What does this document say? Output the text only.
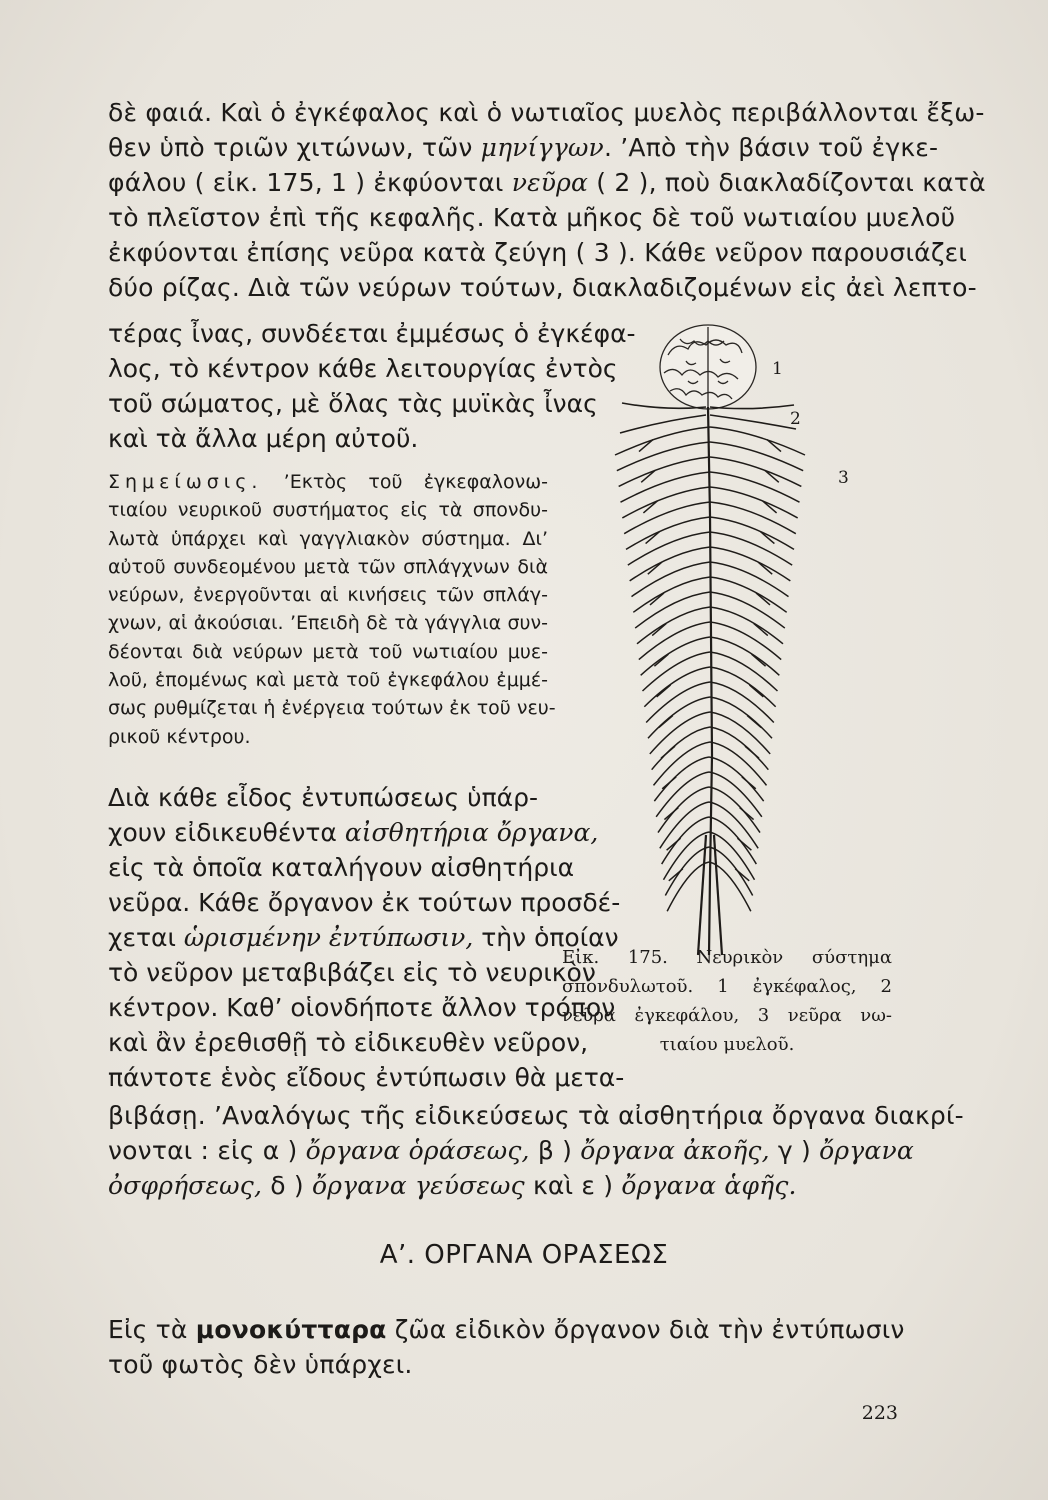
δὲ φαιά. Καὶ ὁ ἐγκέφαλος καὶ ὁ νωτιαῖος μυελὸς περιβάλλονται ἔξω-
θεν ὑπὸ τριῶν χιτώνων, τῶν μηνίγγων. ’Απὸ τὴν βάσιν τοῦ ἐγκε-
φάλου ( εἰκ. 175, 1 ) ἐκφύονται νεῦρα ( 2 ), ποὺ διακλαδίζονται κατὰ
τὸ πλεῖστον ἐπὶ τῆς κεφαλῆς. Κατὰ μῆκος δὲ τοῦ νωτιαίου μυελοῦ
ἐκφύονται ἐπίσης νεῦρα κατὰ ζεύγη ( 3 ). Κάθε νεῦρον παρουσιάζει
δύο ρίζας. Διὰ τῶν νεύρων τούτων, διακλαδιζομένων εἰς ἀεὶ λεπτο-
τέρας ἶνας, συνδέεται ἐμμέσως ὁ ἐγκέφα-
λος, τὸ κέντρον κάθε λειτουργίας ἐντὸς
τοῦ σώματος, μὲ ὅλας τὰς μυϊκὰς ἶνας
καὶ τὰ ἄλλα μέρη αὐτοῦ.
Σημείωσις. ’Εκτὸς τοῦ ἐγκεφαλονω-
τιαίου νευρικοῦ συστήματος εἰς τὰ σπονδυ-
λωτὰ ὑπάρχει καὶ γαγγλιακὸν σύστημα. Δι’
αὐτοῦ συνδεομένου μετὰ τῶν σπλάγχνων διὰ
νεύρων, ἐνεργοῦνται αἱ κινήσεις τῶν σπλάγ-
χνων, αἱ ἀκούσιαι. ’Επειδὴ δὲ τὰ γάγγλια συν-
δέονται διὰ νεύρων μετὰ τοῦ νωτιαίου μυε-
λοῦ, ἑπομένως καὶ μετὰ τοῦ ἐγκεφάλου ἐμμέ-
σως ρυθμίζεται ἡ ἐνέργεια τούτων ἐκ τοῦ νευ-
ρικοῦ κέντρου.
Διὰ κάθε εἶδος ἐντυπώσεως ὑπάρ-
χουν εἰδικευθέντα αἰσθητήρια ὄργανα,
εἰς τὰ ὁποῖα καταλήγουν αἰσθητήρια
νεῦρα. Κάθε ὄργανον ἐκ τούτων προσδέ-
χεται ὡρισμένην ἐντύπωσιν, τὴν ὁποίαν
τὸ νεῦρον μεταβιβάζει εἰς τὸ νευρικὸν
κέντρον. Καθ’ οἱονδήποτε ἄλλον τρόπον
καὶ ἂν ἐρεθισθῇ τὸ εἰδικευθὲν νεῦρον,
πάντοτε ἑνὸς εἴδους ἐντύπωσιν θὰ μετα-
1
2
3
Εἰκ. 175. Νευρικὸν σύστημα
σπονδυλωτοῦ. 1 ἐγκέφαλος, 2
νεῦρα ἐγκεφάλου, 3 νεῦρα νω-
τιαίου μυελοῦ.
βιβάσῃ. ’Αναλόγως τῆς εἰδικεύσεως τὰ αἰσθητήρια ὄργανα διακρί-
νονται : εἰς α ) ὄργανα ὁράσεως, β ) ὄργανα ἀκοῆς, γ ) ὄργανα
ὀσφρήσεως, δ ) ὄργανα γεύσεως καὶ ε ) ὄργανα ἁφῆς.
Α’. ΟΡΓΑΝΑ ΟΡΑΣΕΩΣ
Εἰς τὰ μονοκύτταρα ζῶα εἰδικὸν ὄργανον διὰ τὴν ἐντύπωσιν
τοῦ φωτὸς δὲν ὑπάρχει.
223
